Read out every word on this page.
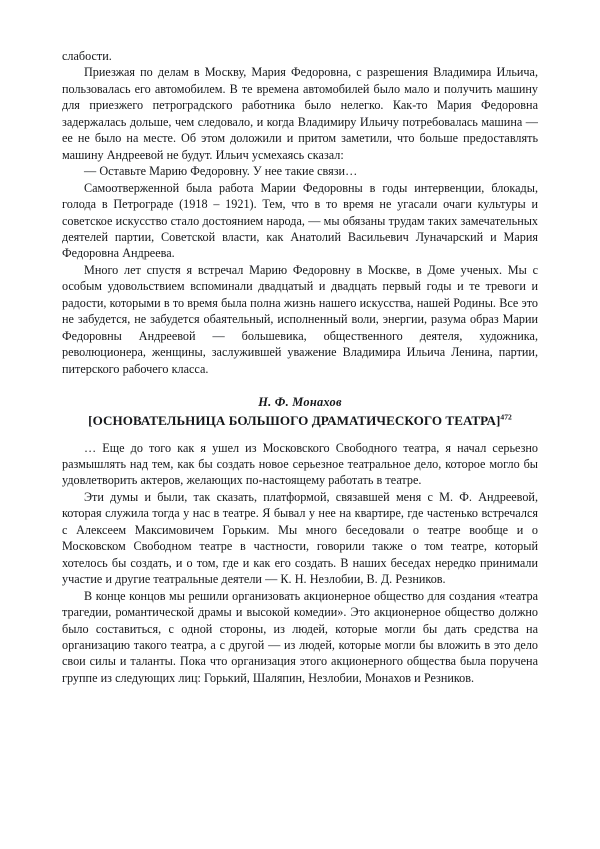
слабости.

Приезжая по делам в Москву, Мария Федоровна, с разрешения Владимира Ильича, пользовалась его автомобилем. В те времена автомобилей было мало и получить машину для приезжего петроградского работника было нелегко. Как-то Мария Федоровна задержалась дольше, чем следовало, и когда Владимиру Ильичу потребовалась машина — ее не было на месте. Об этом доложили и притом заметили, что больше предоставлять машину Андреевой не будут. Ильич усмехаясь сказал:

— Оставьте Марию Федоровну. У нее такие связи…

Самоотверженной была работа Марии Федоровны в годы интервенции, блокады, голода в Петрограде (1918 – 1921). Тем, что в то время не угасали очаги культуры и советское искусство стало достоянием народа, — мы обязаны трудам таких замечательных деятелей партии, Советской власти, как Анатолий Васильевич Луначарский и Мария Федоровна Андреева.

Много лет спустя я встречал Марию Федоровну в Москве, в Доме ученых. Мы с особым удовольствием вспоминали двадцатый и двадцать первый годы и те тревоги и радости, которыми в то время была полна жизнь нашего искусства, нашей Родины. Все это не забудется, не забудется обаятельный, исполненный воли, энергии, разума образ Марии Федоровны Андреевой — большевика, общественного деятеля, художника, революционера, женщины, заслужившей уважение Владимира Ильича Ленина, партии, питерского рабочего класса.

Н. Ф. Монахов
[ОСНОВАТЕЛЬНИЦА БОЛЬШОГО ДРАМАТИЧЕСКОГО ТЕАТРА]$^{472}$

… Еще до того как я ушел из Московского Свободного театра, я начал серьезно размышлять над тем, как бы создать новое серьезное театральное дело, которое могло бы удовлетворить актеров, желающих по-настоящему работать в театре.

Эти думы и были, так сказать, платформой, связавшей меня с М. Ф. Андреевой, которая служила тогда у нас в театре. Я бывал у нее на квартире, где частенько встречался с Алексеем Максимовичем Горьким. Мы много беседовали о театре вообще и о Московском Свободном театре в частности, говорили также о том театре, который хотелось бы создать, и о том, где и как его создать. В наших беседах нередко принимали участие и другие театральные деятели — К. Н. Незлобии, В. Д. Резников.

В конце концов мы решили организовать акционерное общество для создания «театра трагедии, романтической драмы и высокой комедии». Это акционерное общество должно было составиться, с одной стороны, из людей, которые могли бы дать средства на организацию такого театра, а с другой — из людей, которые могли бы вложить в это дело свои силы и таланты. Пока что организация этого акционерного общества была поручена группе из следующих лиц: Горький, Шаляпин, Незлобии, Монахов и Резников.
